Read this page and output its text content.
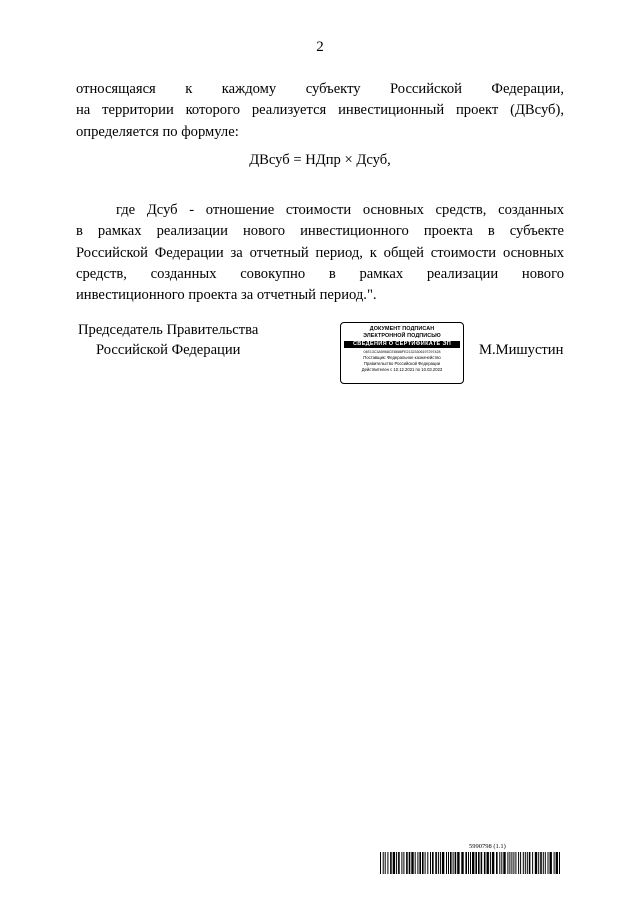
2
относящаяся к каждому субъекту Российской Федерации,
на территории которого реализуется инвестиционный проект (ДВсуб),
определяется по формуле:
ДВсуб = НДпр × Дсуб,
где Дсуб - отношение стоимости основных средств, созданных
в рамках реализации нового инвестиционного проекта в субъекте
Российской Федерации за отчетный период, к общей стоимости основных
средств, созданных совокупно в рамках реализации нового
инвестиционного проекта за отчетный период.".
Председатель Правительства
Российской Федерации
ДОКУМЕНТ ПОДПИСАН
ЭЛЕКТРОННОЙ ПОДПИСЬЮ
СВЕДЕНИЯ О СЕРТИФИКАТЕ ЭП
04E13C3A5968CE8688FE21323306197297428
Поставщик: Федеральное казначейство
Правительство Российской Федерации
Действителен с 10.12.2021 по 10.03.2023
М.Мишустин
5990798 (1.1)
